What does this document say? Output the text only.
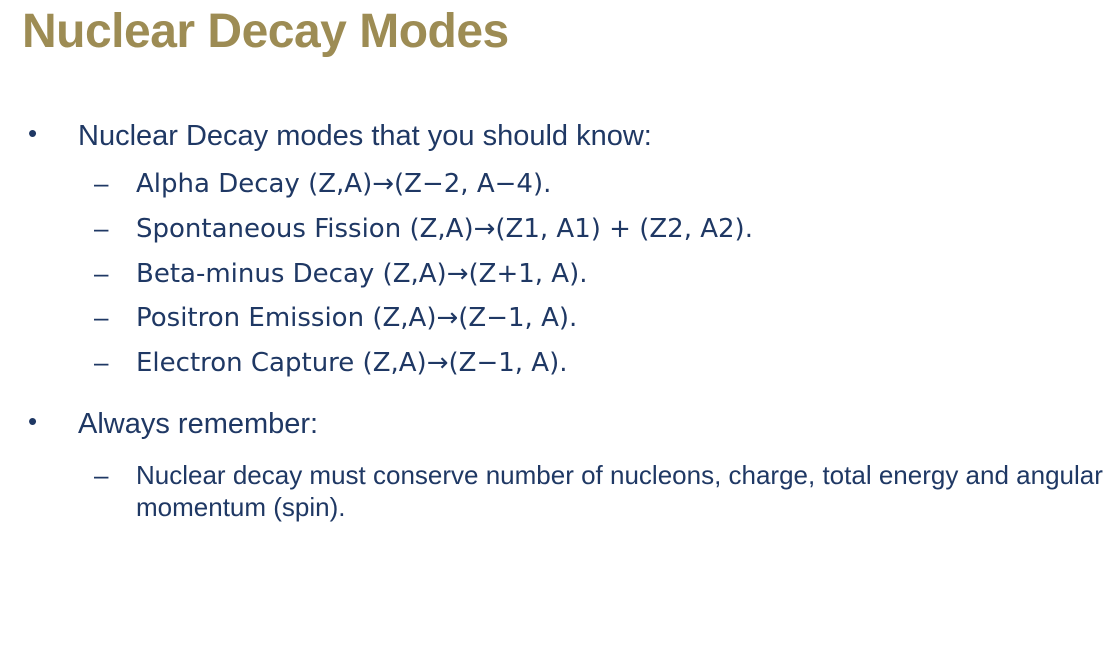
Nuclear Decay Modes
• Nuclear Decay modes that you should know:
– Alpha Decay (Z,A)→(Z−2, A−4).
– Spontaneous Fission (Z,A)→(Z1, A1) + (Z2, A2).
– Beta-minus Decay (Z,A)→(Z+1, A).
– Positron Emission (Z,A)→(Z−1, A).
– Electron Capture (Z,A)→(Z−1, A).
• Always remember:
– Nuclear decay must conserve number of nucleons, charge, total energy and angular momentum (spin).
